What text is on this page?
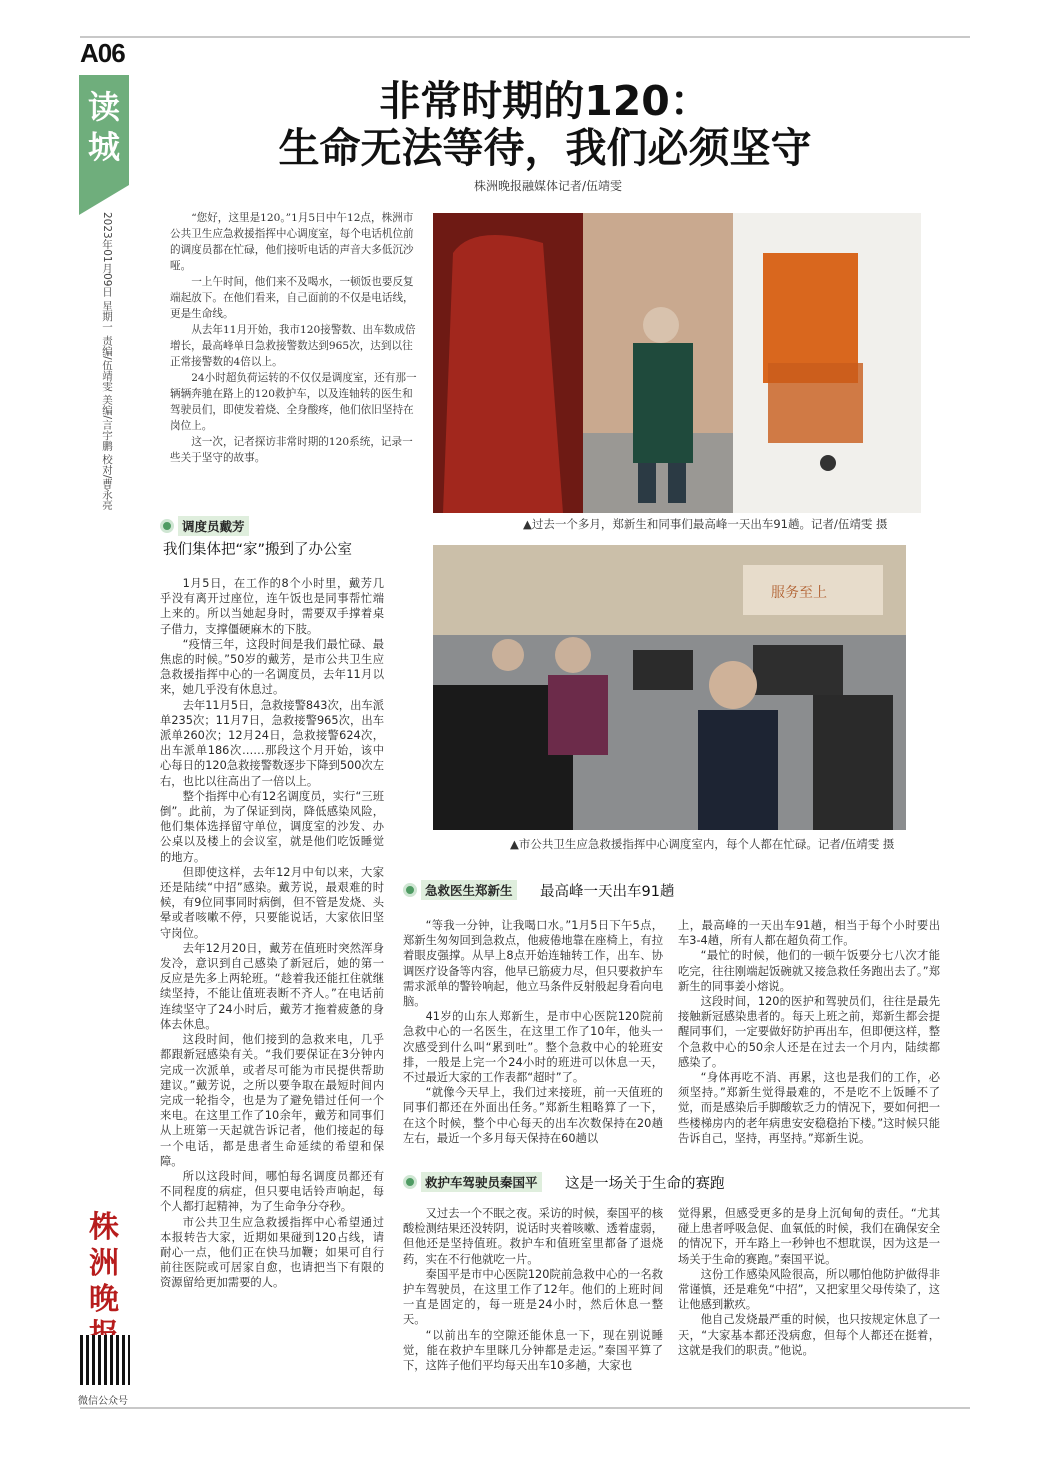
A06
读城
2023年01月09日 星期一 责编/伍靖雯 美编/言宇鹏 校对/曹永亮
非常时期的120：
生命无法等待，我们必须坚守
株洲晚报融媒体记者/伍靖雯

“您好，这里是120。”1月5日中午12点，株洲市公共卫生应急救援指挥中心调度室，每个电话机位前的调度员都在忙碌，他们接听电话的声音大多低沉沙哑。

一上午时间，他们来不及喝水，一顿饭也要反复端起放下。在他们看来，自己面前的不仅是电话线，更是生命线。

从去年11月开始，我市120接警数、出车数成倍增长，最高峰单日急救接警数达到965次，达到以往正常接警数的4倍以上。

24小时超负荷运转的不仅仅是调度室，还有那一辆辆奔驰在路上的120救护车，以及连轴转的医生和驾驶员们，即使发着烧、全身酸疼，他们依旧坚持在岗位上。

这一次，记者探访非常时期的120系统，记录一些关于坚守的故事。

▲过去一个多月，郑新生和同事们最高峰一天出车91趟。记者/伍靖雯 摄
服务至上
▲市公共卫生应急救援指挥中心调度室内，每个人都在忙碌。记者/伍靖雯 摄
调度员戴芳
我们集体把“家”搬到了办公室

1月5日，在工作的8个小时里，戴芳几乎没有离开过座位，连午饭也是同事帮忙端上来的。所以当她起身时，需要双手撑着桌子借力，支撑僵硬麻木的下肢。

“疫情三年，这段时间是我们最忙碌、最焦虑的时候。”50岁的戴芳，是市公共卫生应急救援指挥中心的一名调度员，去年11月以来，她几乎没有休息过。

去年11月5日，急救接警843次，出车派单235次；11月7日，急救接警965次，出车派单260次；12月24日，急救接警624次，出车派单186次……那段这个月开始，该中心每日的120急救接警数逐步下降到500次左右，也比以往高出了一倍以上。

整个指挥中心有12名调度员，实行“三班倒”。此前，为了保证到岗，降低感染风险，他们集体选择留守单位，调度室的沙发、办公桌以及楼上的会议室，就是他们吃饭睡觉的地方。

但即使这样，去年12月中旬以来，大家还是陆续“中招”感染。戴芳说，最艰难的时候，有9位同事同时病倒，但不管是发烧、头晕或者咳嗽不停，只要能说话，大家依旧坚守岗位。

去年12月20日，戴芳在值班时突然浑身发冷，意识到自己感染了新冠后，她的第一反应是先多上两轮班。“趁着我还能扛住就继续坚持，不能让值班表断不齐人。”在电话前连续坚守了24小时后，戴芳才拖着疲惫的身体去休息。

这段时间，他们接到的急救来电，几乎都跟新冠感染有关。“我们要保证在3分钟内完成一次派单，或者尽可能为市民提供帮助建议。”戴芳说，之所以要争取在最短时间内完成一轮指令，也是为了避免错过任何一个来电。在这里工作了10余年，戴芳和同事们从上班第一天起就告诉记者，他们接起的每一个电话，都是患者生命延续的希望和保障。

所以这段时间，哪怕每名调度员都还有不同程度的病症，但只要电话铃声响起，每个人都打起精神，为了生命争分夺秒。

市公共卫生应急救援指挥中心希望通过本报转告大家，近期如果碰到120占线，请耐心一点，他们正在快马加鞭；如果可自行前往医院或可居家自愈，也请把当下有限的资源留给更加需要的人。

急救医生郑新生 最高峰一天出车91趟

“等我一分钟，让我喝口水。”1月5日下午5点，郑新生匆匆回到急救点，他疲倦地靠在座椅上，有拉着眼皮强撑。从早上8点开始连轴转工作，出车、协调医疗设备等内容，他早已筋疲力尽，但只要救护车需求派单的警铃响起，他立马条件反射般起身看向电脑。

41岁的山东人郑新生，是市中心医院120院前急救中心的一名医生，在这里工作了10年，他头一次感受到什么叫“累到吐”。整个急救中心的轮班安排，一般是上完一个24小时的班进可以休息一天，不过最近大家的工作表都“超时”了。

“就像今天早上，我们过来接班，前一天值班的同事们都还在外面出任务。”郑新生粗略算了一下，在这个时候，整个中心每天的出车次数保持在20趟左右，最近一个多月每天保持在60趟以

上，最高峰的一天出车91趟，相当于每个小时要出车3-4趟，所有人都在超负荷工作。

“最忙的时候，他们的一顿午饭要分七八次才能吃完，往往刚端起饭碗就又接急救任务跑出去了。”郑新生的同事姜小熔说。

这段时间，120的医护和驾驶员们，往往是最先接触新冠感染患者的。每天上班之前，郑新生都会提醒同事们，一定要做好防护再出车，但即便这样，整个急救中心的50余人还是在过去一个月内，陆续都感染了。

“身体再吃不消、再累，这也是我们的工作，必须坚持。”郑新生觉得最难的，不是吃不上饭睡不了觉，而是感染后手脚酸软乏力的情况下，要如何把一些楼梯房内的老年病患安安稳稳抬下楼。”这时候只能告诉自己，坚持，再坚持。”郑新生说。

救护车驾驶员秦国平 这是一场关于生命的赛跑

又过去一个不眠之夜。采访的时候，秦国平的核酸检测结果还没转阴，说话时夹着咳嗽、透着虚弱，但他还是坚持值班。救护车和值班室里都备了退烧药，实在不行他就吃一片。

秦国平是市中心医院120院前急救中心的一名救护车驾驶员，在这里工作了12年。他们的上班时间一直是固定的，每一班是24小时，然后休息一整天。

“以前出车的空隙还能休息一下，现在别说睡觉，能在救护车里眯几分钟都是走运。”秦国平算了下，这阵子他们平均每天出车10多趟，大家也

觉得累，但感受更多的是身上沉甸甸的责任。“尤其碰上患者呼吸急促、血氧低的时候，我们在确保安全的情况下，开车路上一秒钟也不想耽误，因为这是一场关于生命的赛跑。”秦国平说。

这份工作感染风险很高，所以哪怕他防护做得非常谨慎，还是难免“中招”，又把家里父母传染了，这让他感到歉疚。

他自己发烧最严重的时候，也只按规定休息了一天，“大家基本都还没病愈，但每个人都还在挺着，这就是我们的职责。”他说。

株洲晚
微信公众号
